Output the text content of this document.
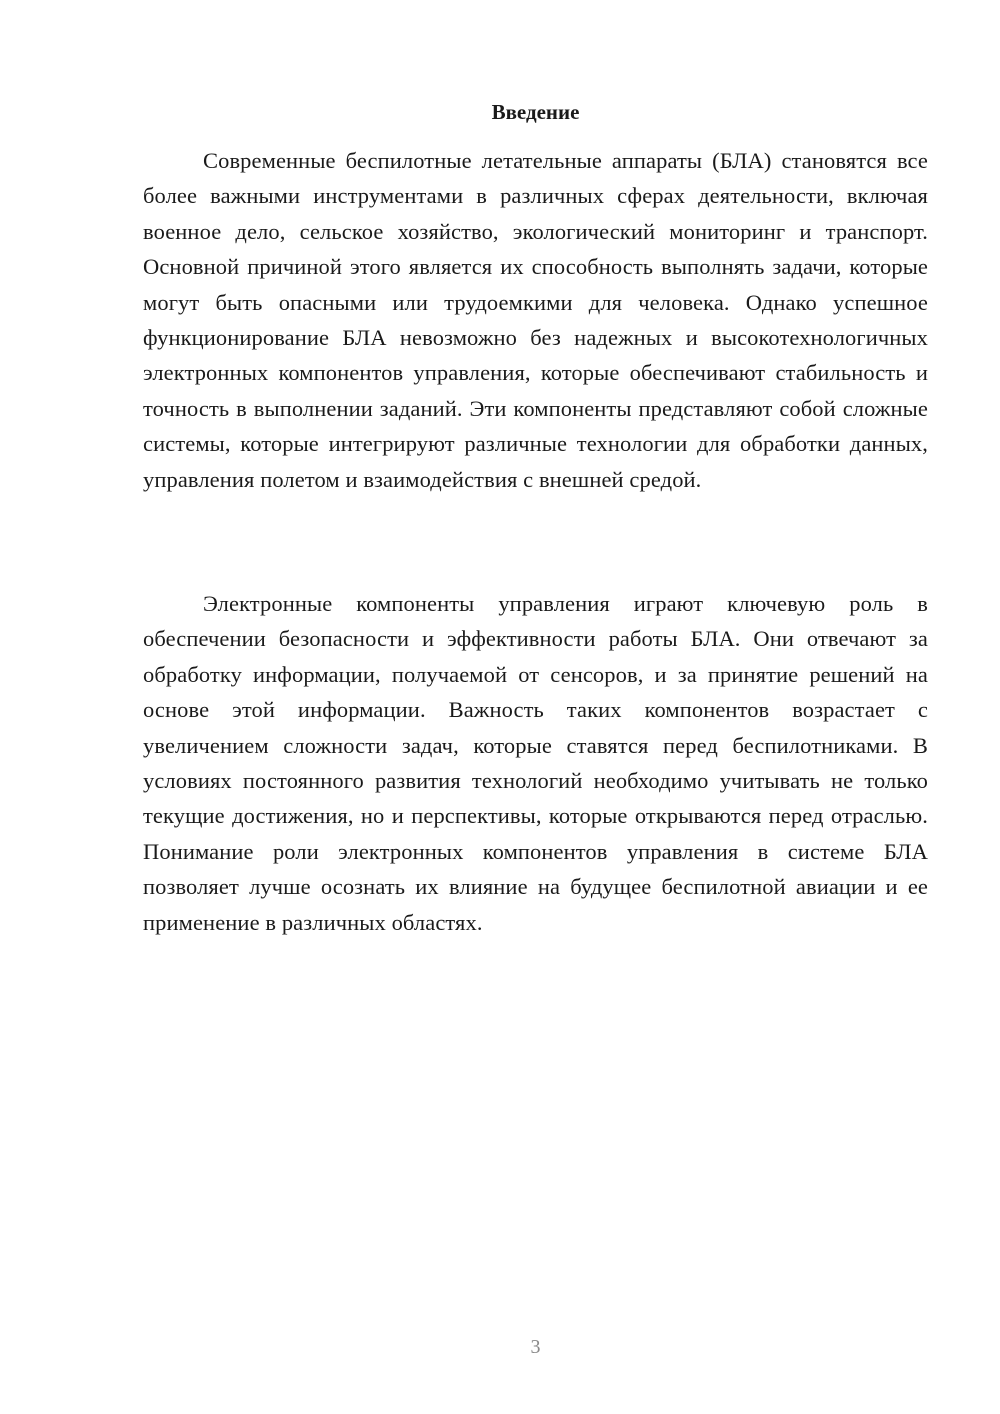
Введение

Современные беспилотные летательные аппараты (БЛА) становятся все более важными инструментами в различных сферах деятельности, включая военное дело, сельское хозяйство, экологический мониторинг и транспорт. Основной причиной этого является их способность выполнять задачи, которые могут быть опасными или трудоемкими для человека. Однако успешное функционирование БЛА невозможно без надежных и высокотехнологичных электронных компонентов управления, которые обеспечивают стабильность и точность в выполнении заданий. Эти компоненты представляют собой сложные системы, которые интегрируют различные технологии для обработки данных, управления полетом и взаимодействия с внешней средой.

Электронные компоненты управления играют ключевую роль в обеспечении безопасности и эффективности работы БЛА. Они отвечают за обработку информации, получаемой от сенсоров, и за принятие решений на основе этой информации. Важность таких компонентов возрастает с увеличением сложности задач, которые ставятся перед беспилотниками. В условиях постоянного развития технологий необходимо учитывать не только текущие достижения, но и перспективы, которые открываются перед отраслью. Понимание роли электронных компонентов управления в системе БЛА позволяет лучше осознать их влияние на будущее беспилотной авиации и ее применение в различных областях.

3
